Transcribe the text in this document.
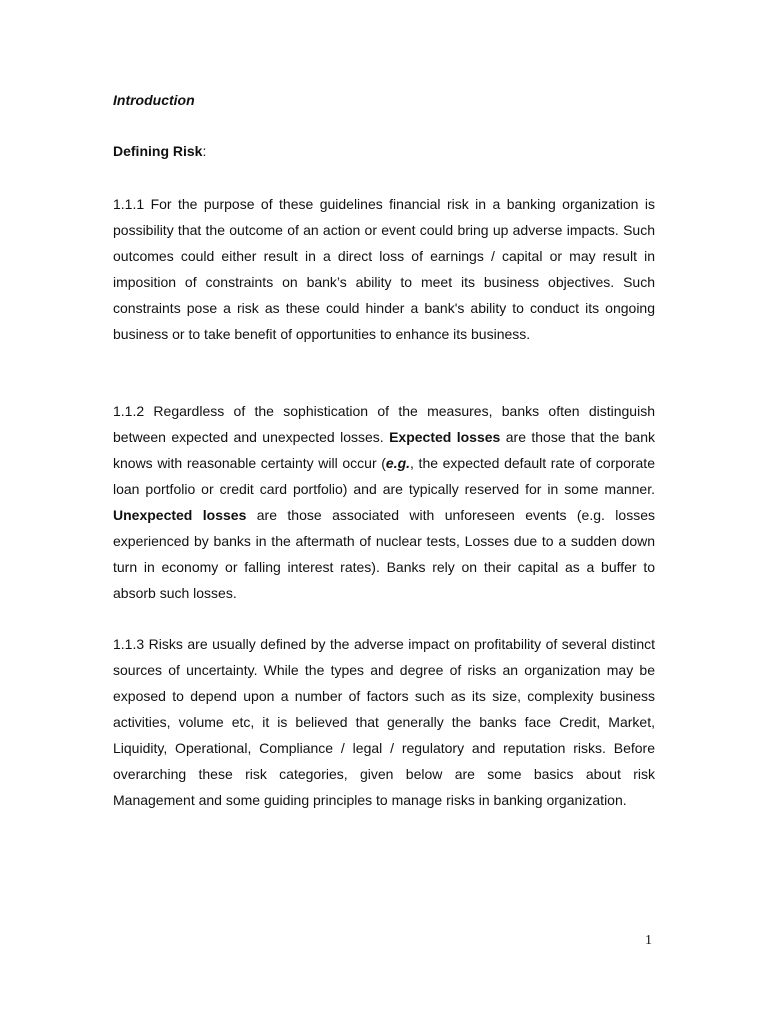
Introduction
Defining Risk:

1.1.1 For the purpose of these guidelines financial risk in a banking organization is possibility that the outcome of an action or event could bring up adverse impacts. Such outcomes could either result in a direct loss of earnings / capital or may result in imposition of constraints on bank’s ability to meet its business objectives. Such constraints pose a risk as these could hinder a bank's ability to conduct its ongoing business or to take benefit of opportunities to enhance its business.

1.1.2 Regardless of the sophistication of the measures, banks often distinguish between expected and unexpected losses. Expected losses are those that the bank knows with reasonable certainty will occur (e.g., the expected default rate of corporate loan portfolio or credit card portfolio) and are typically reserved for in some manner. Unexpected losses are those associated with unforeseen events (e.g. losses experienced by banks in the aftermath of nuclear tests, Losses due to a sudden down turn in economy or falling interest rates). Banks rely on their capital as a buffer to absorb such losses.

1.1.3 Risks are usually defined by the adverse impact on profitability of several distinct sources of uncertainty. While the types and degree of risks an organization may be exposed to depend upon a number of factors such as its size, complexity business activities, volume etc, it is believed that generally the banks face Credit, Market, Liquidity, Operational, Compliance / legal / regulatory and reputation risks. Before overarching these risk categories, given below are some basics about risk Management and some guiding principles to manage risks in banking organization.

1
